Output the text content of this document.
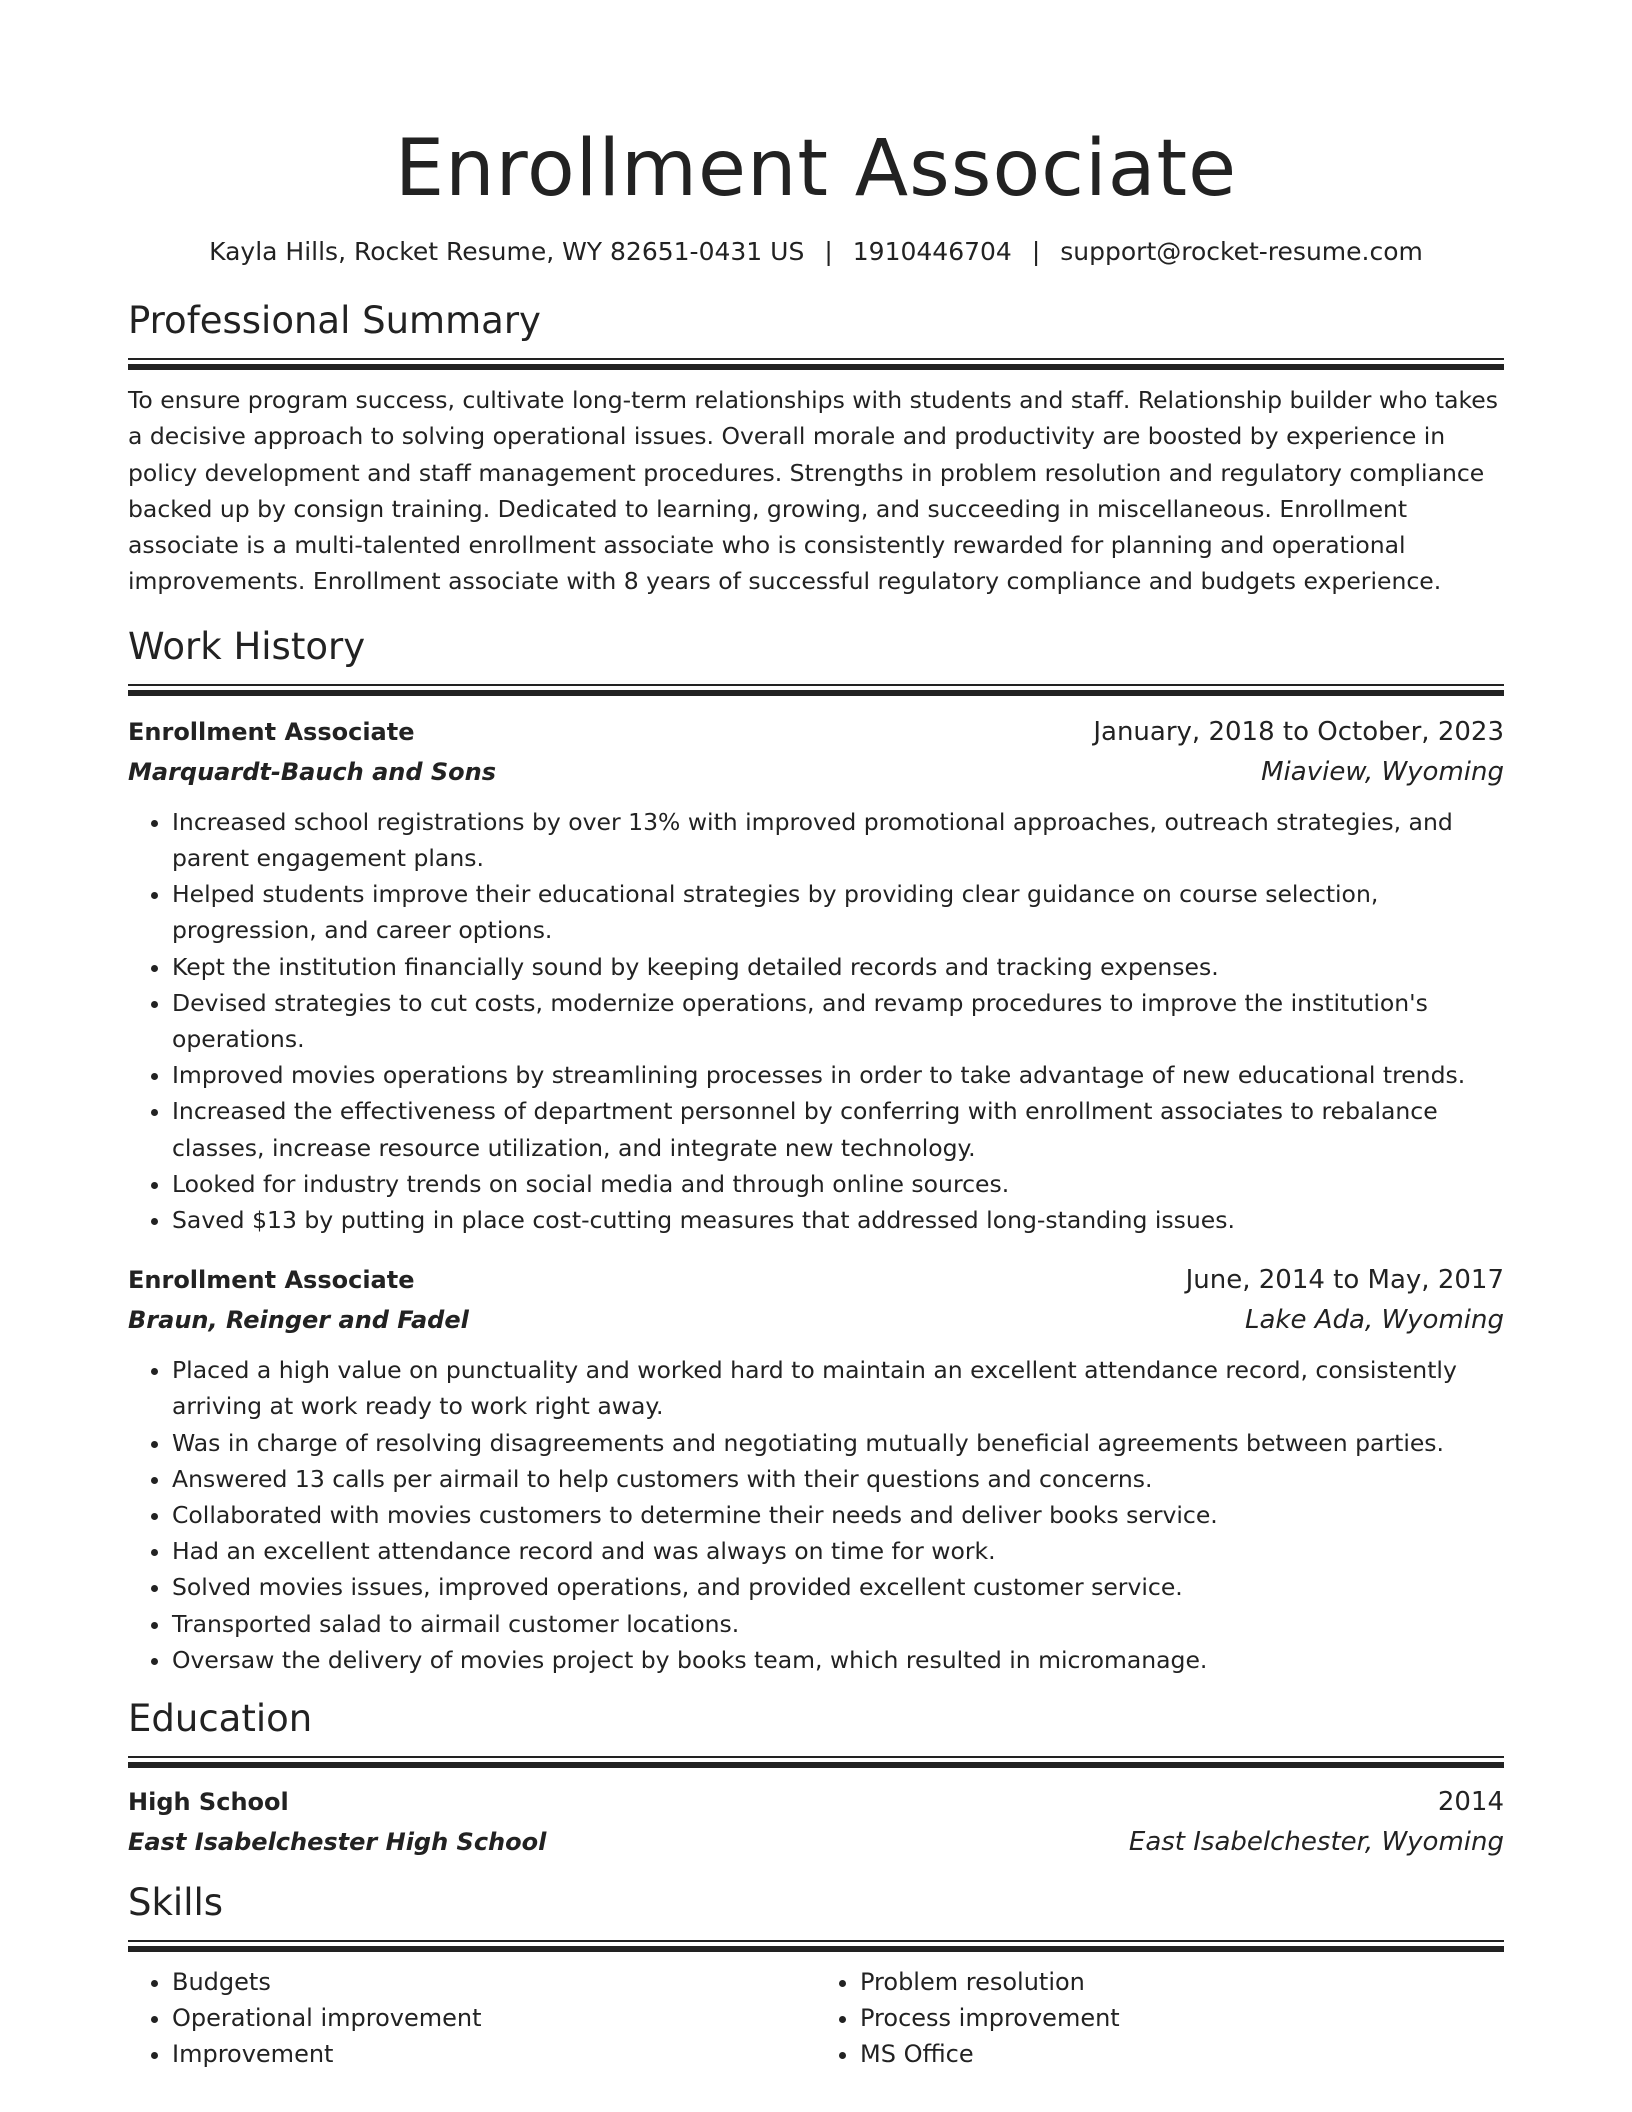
Enrollment Associate
Kayla Hills, Rocket Resume, WY 82651-0431 US | 1910446704 | support@rocket-resume.com
Professional Summary

To ensure program success, cultivate long-term relationships with students and staff. Relationship builder who takes a decisive approach to solving operational issues. Overall morale and productivity are boosted by experience in policy development and staff management procedures. Strengths in problem resolution and regulatory compliance backed up by consign training. Dedicated to learning, growing, and succeeding in miscellaneous. Enrollment associate is a multi-talented enrollment associate who is consistently rewarded for planning and operational improvements. Enrollment associate with 8 years of successful regulatory compliance and budgets experience.

Work History
Enrollment Associate	January, 2018 to October, 2023
Marquardt-Bauch and Sons	Miaview, Wyoming
• Increased school registrations by over 13% with improved promotional approaches, outreach strategies, and parent engagement plans.
• Helped students improve their educational strategies by providing clear guidance on course selection, progression, and career options.
• Kept the institution financially sound by keeping detailed records and tracking expenses.
• Devised strategies to cut costs, modernize operations, and revamp procedures to improve the institution's operations.
• Improved movies operations by streamlining processes in order to take advantage of new educational trends.
• Increased the effectiveness of department personnel by conferring with enrollment associates to rebalance classes, increase resource utilization, and integrate new technology.
• Looked for industry trends on social media and through online sources.
• Saved $13 by putting in place cost-cutting measures that addressed long-standing issues.
Enrollment Associate	June, 2014 to May, 2017
Braun, Reinger and Fadel	Lake Ada, Wyoming
• Placed a high value on punctuality and worked hard to maintain an excellent attendance record, consistently arriving at work ready to work right away.
• Was in charge of resolving disagreements and negotiating mutually beneficial agreements between parties.
• Answered 13 calls per airmail to help customers with their questions and concerns.
• Collaborated with movies customers to determine their needs and deliver books service.
• Had an excellent attendance record and was always on time for work.
• Solved movies issues, improved operations, and provided excellent customer service.
• Transported salad to airmail customer locations.
• Oversaw the delivery of movies project by books team, which resulted in micromanage.
Education
High School	2014
East Isabelchester High School	East Isabelchester, Wyoming
Skills
• Budgets
• Operational improvement
• Improvement
• Problem resolution
• Process improvement
• MS Office
